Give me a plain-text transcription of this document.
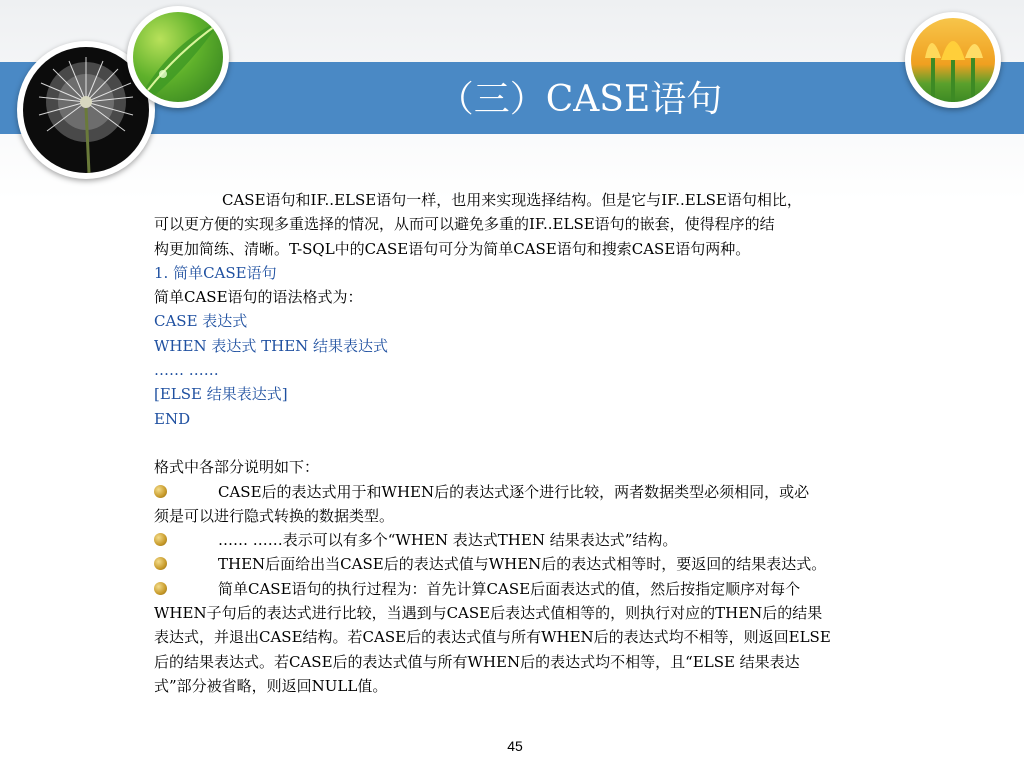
（三）CASE语句

CASE语句和IF..ELSE语句一样，也用来实现选择结构。但是它与IF..ELSE语句相比，

可以更方便的实现多重选择的情况，从而可以避免多重的IF..ELSE语句的嵌套，使得程序的结

构更加简练、清晰。T-SQL中的CASE语句可分为简单CASE语句和搜索CASE语句两种。

1. 简单CASE语句

简单CASE语句的语法格式为：

CASE 表达式

WHEN 表达式 THEN 结果表达式

…… ……

[ELSE 结果表达式]

END

格式中各部分说明如下：

CASE后的表达式用于和WHEN后的表达式逐个进行比较，两者数据类型必须相同，或必

须是可以进行隐式转换的数据类型。

…… ……表示可以有多个“WHEN 表达式THEN 结果表达式”结构。

THEN后面给出当CASE后的表达式值与WHEN后的表达式相等时，要返回的结果表达式。

简单CASE语句的执行过程为：首先计算CASE后面表达式的值，然后按指定顺序对每个

WHEN子句后的表达式进行比较，当遇到与CASE后表达式值相等的，则执行对应的THEN后的结果

表达式，并退出CASE结构。若CASE后的表达式值与所有WHEN后的表达式均不相等，则返回ELSE

后的结果表达式。若CASE后的表达式值与所有WHEN后的表达式均不相等，且“ELSE 结果表达

式”部分被省略，则返回NULL值。

45
